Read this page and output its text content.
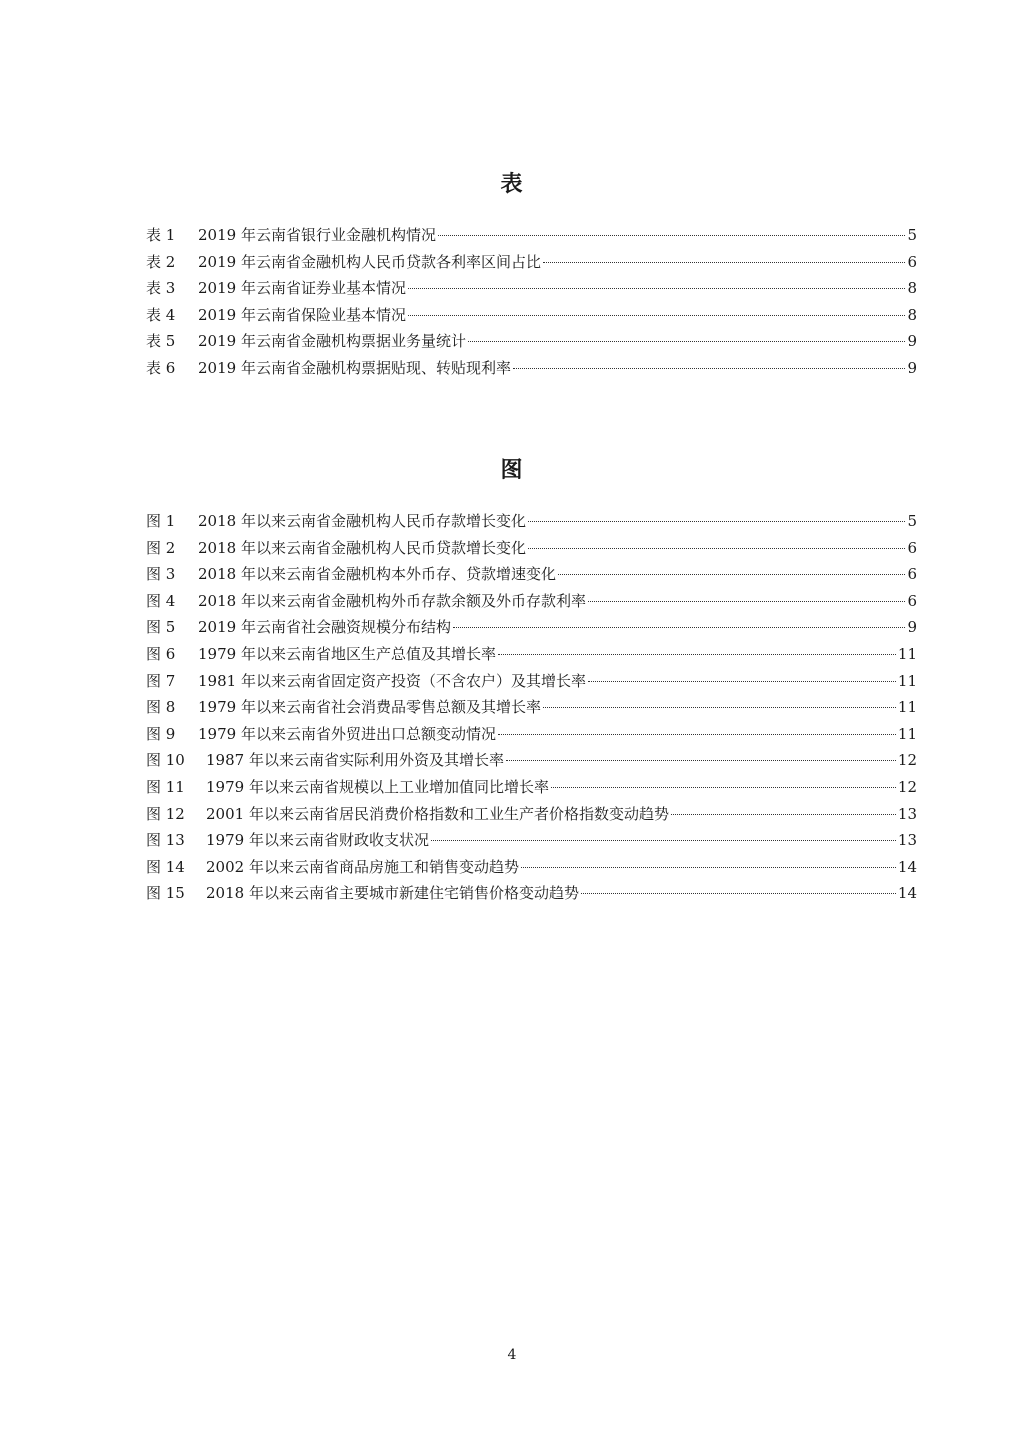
表
表 1	2019 年云南省银行业金融机构情况	5
表 2	2019 年云南省金融机构人民币贷款各利率区间占比	6
表 3	2019 年云南省证券业基本情况	8
表 4	2019 年云南省保险业基本情况	8
表 5	2019 年云南省金融机构票据业务量统计	9
表 6	2019 年云南省金融机构票据贴现、转贴现利率	9
图
图 1	2018 年以来云南省金融机构人民币存款增长变化	5
图 2	2018 年以来云南省金融机构人民币贷款增长变化	6
图 3	2018 年以来云南省金融机构本外币存、贷款增速变化	6
图 4	2018 年以来云南省金融机构外币存款余额及外币存款利率	6
图 5	2019 年云南省社会融资规模分布结构	9
图 6	1979 年以来云南省地区生产总值及其增长率	11
图 7	1981 年以来云南省固定资产投资（不含农户）及其增长率	11
图 8	1979 年以来云南省社会消费品零售总额及其增长率	11
图 9	1979 年以来云南省外贸进出口总额变动情况	11
图 10	1987 年以来云南省实际利用外资及其增长率	12
图 11	1979 年以来云南省规模以上工业增加值同比增长率	12
图 12	2001 年以来云南省居民消费价格指数和工业生产者价格指数变动趋势	13
图 13	1979 年以来云南省财政收支状况	13
图 14	2002 年以来云南省商品房施工和销售变动趋势	14
图 15	2018 年以来云南省主要城市新建住宅销售价格变动趋势	14
4
